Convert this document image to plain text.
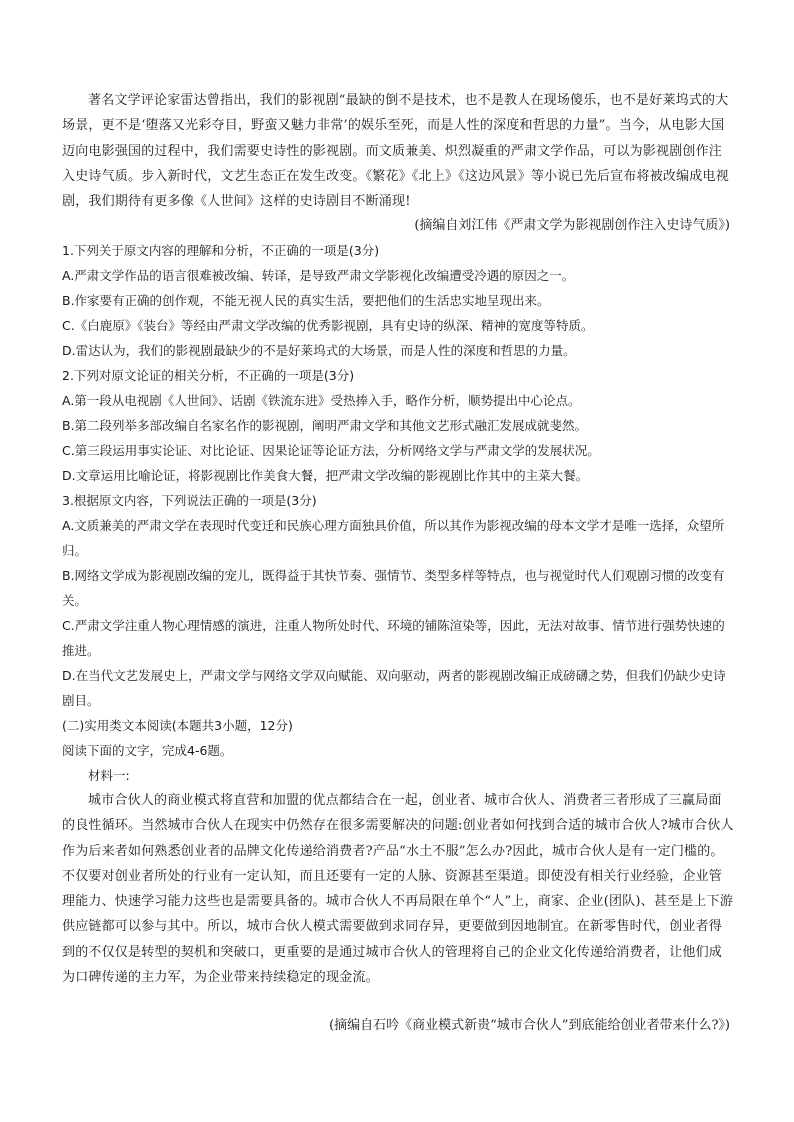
著名文学评论家雷达曾指出，我们的影视剧“最缺的倒不是技术，也不是教人在现场傻乐，也不是好莱坞式的大场景，更不是‘堕落又光彩夺目，野蛮又魅力非常’的娱乐至死，而是人性的深度和哲思的力量”。当今，从电影大国迈向电影强国的过程中，我们需要史诗性的影视剧。而文质兼美、炽烈凝重的严肃文学作品，可以为影视剧创作注入史诗气质。步入新时代，文艺生态正在发生改变。《繁花》《北上》《这边风景》等小说已先后宣布将被改编成电视剧，我们期待有更多像《人世间》这样的史诗剧目不断涌现!
(摘编自刘江伟《严肃文学为影视剧创作注入史诗气质》)
1.下列关于原文内容的理解和分析，不正确的一项是(3分)
A.严肃文学作品的语言很难被改编、转译，是导致严肃文学影视化改编遭受冷遇的原因之一。
B.作家要有正确的创作观，不能无视人民的真实生活，要把他们的生活忠实地呈现出来。
C.《白鹿原》《装台》等经由严肃文学改编的优秀影视剧，具有史诗的纵深、精神的宽度等特质。
D.雷达认为，我们的影视剧最缺少的不是好莱坞式的大场景，而是人性的深度和哲思的力量。
2.下列对原文论证的相关分析，不正确的一项是(3分)
A.第一段从电视剧《人世间》、话剧《铁流东进》受热捧入手，略作分析，顺势提出中心论点。
B.第二段列举多部改编自名家名作的影视剧，阐明严肃文学和其他文艺形式融汇发展成就斐然。
C.第三段运用事实论证、对比论证、因果论证等论证方法，分析网络文学与严肃文学的发展状况。
D.文章运用比喻论证，将影视剧比作美食大餐，把严肃文学改编的影视剧比作其中的主菜大餐。
3.根据原文内容，下列说法正确的一项是(3分)
A.文质兼美的严肃文学在表现时代变迁和民族心理方面独具价值，所以其作为影视改编的母本文学才是唯一选择，众望所归。
B.网络文学成为影视剧改编的宠儿，既得益于其快节奏、强情节、类型多样等特点，也与视觉时代人们观剧习惯的改变有关。
C.严肃文学注重人物心理情感的演进，注重人物所处时代、环境的铺陈渲染等，因此，无法对故事、情节进行强势快速的推进。
D.在当代文艺发展史上，严肃文学与网络文学双向赋能、双向驱动，两者的影视剧改编正成磅礴之势，但我们仍缺少史诗剧目。
(二)实用类文本阅读(本题共3小题，12分)
阅读下面的文字，完成4-6题。
材料一:
城市合伙人的商业模式将直营和加盟的优点都结合在一起，创业者、城市合伙人、消费者三者形成了三赢局面的良性循环。当然城市合伙人在现实中仍然存在很多需要解决的问题:创业者如何找到合适的城市合伙人?城市合伙人作为后来者如何熟悉创业者的品牌文化传递给消费者?产品“水土不服”怎么办?因此，城市合伙人是有一定门槛的。不仅要对创业者所处的行业有一定认知，而且还要有一定的人脉、资源甚至渠道。即使没有相关行业经验，企业管理能力、快速学习能力这些也是需要具备的。城市合伙人不再局限在单个“人”上，商家、企业(团队)、甚至是上下游供应链都可以参与其中。所以，城市合伙人模式需要做到求同存异，更要做到因地制宜。在新零售时代，创业者得到的不仅仅是转型的契机和突破口，更重要的是通过城市合伙人的管理将自己的企业文化传递给消费者，让他们成为口碑传递的主力军，为企业带来持续稳定的现金流。
(摘编自石吟《商业模式新贵“城市合伙人”到底能给创业者带来什么?》)
